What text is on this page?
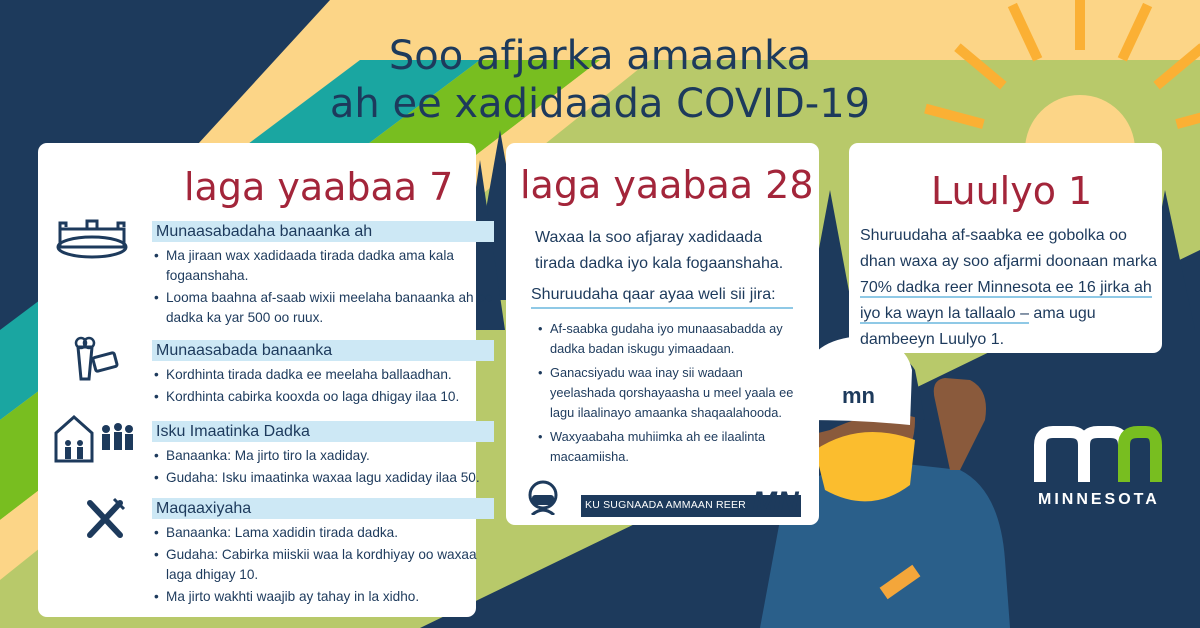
Soo afjarka amaanka
ah ee xadidaada COVID-19
laga yaabaa 7
Munaasabadaha banaanka ah
• Ma jiraan wax xadidaada tirada dadka ama kala fogaanshaha.
• Looma baahna af-saab wixii meelaha banaanka ah ee dadka ka yar 500 oo ruux.
Munaasabada banaanka
• Kordhinta tirada dadka ee meelaha ballaadhan.
• Kordhinta cabirka kooxda oo laga dhigay ilaa 10.
Isku Imaatinka Dadka
• Banaanka: Ma jirto tiro la xadiday.
• Gudaha: Isku imaatinka waxaa lagu xadiday ilaa 50.
Maqaaxiyaha
• Banaanka: Lama xadidin tirada dadka.
• Gudaha: Cabirka miiskii waa la kordhiyay oo waxaa laga dhigay 10.
• Ma jirto wakhti waajib ay tahay in la xidho.
laga yaabaa 28
Waxaa la soo afjaray xadidaada tirada dadka iyo kala fogaanshaha.
Shuruudaha qaar ayaa weli sii jira:
• Af-saabka gudaha iyo munaasabadda ay dadka badan iskugu yimaadaan.
• Ganacsiyadu waa inay sii wadaan yeelashada qorshayaasha u meel yaala ee lagu ilaalinayo amaanka shaqaalahooda.
• Waxyaabaha muhiimka ah ee ilaalinta macaamiisha.
KU SUGNAADA AMMAAN REER MN
Luulyo 1
Shuruudaha af-saabka ee gobolka oo dhan waxa ay soo afjarmi doonaan marka 70% dadka reer Minnesota ee 16 jirka ah iyo ka wayn la tallaalo – ama ugu dambeeyn Luulyo 1.
mn
MINNESOTA
